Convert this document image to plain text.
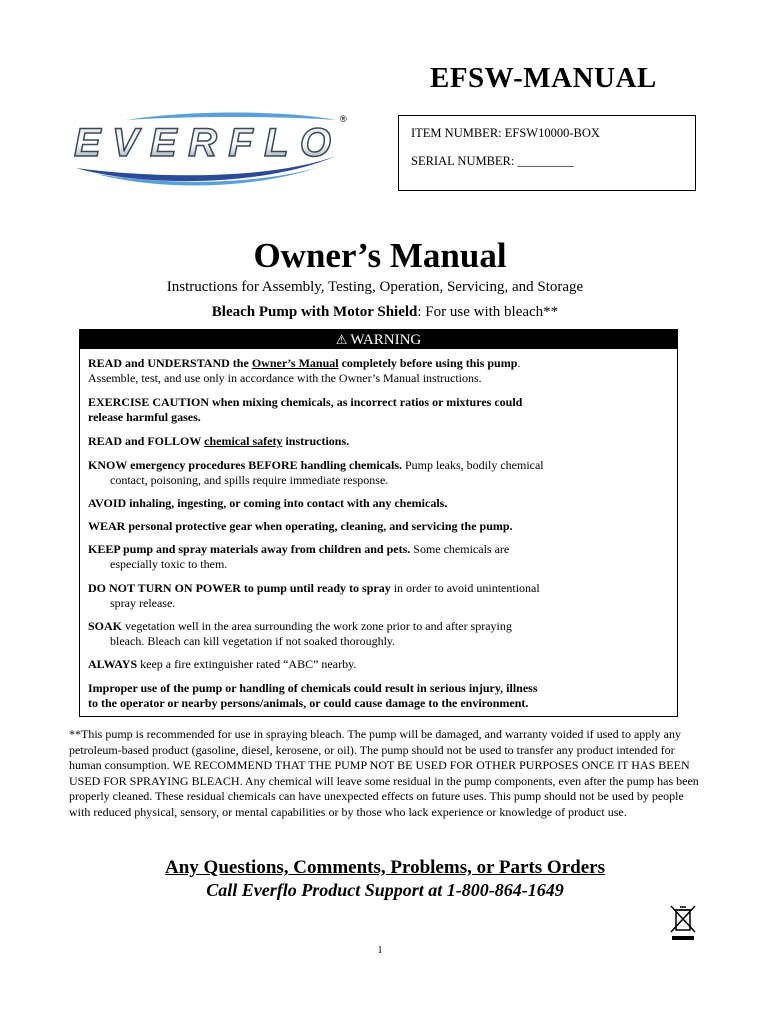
EFSW-MANUAL
EVERFLO
®
ITEM NUMBER: EFSW10000-BOX
SERIAL NUMBER: _________
Owner’s Manual
Instructions for Assembly, Testing, Operation, Servicing, and Storage
Bleach Pump with Motor Shield: For use with bleach**
⚠ WARNING
READ and UNDERSTAND the Owner’s Manual completely before using this pump.
Assemble, test, and use only in accordance with the Owner’s Manual instructions.
EXERCISE CAUTION when mixing chemicals, as incorrect ratios or mixtures could
release harmful gases.
READ and FOLLOW chemical safety instructions.
KNOW emergency procedures BEFORE handling chemicals. Pump leaks, bodily chemical
contact, poisoning, and spills require immediate response.
AVOID inhaling, ingesting, or coming into contact with any chemicals.
WEAR personal protective gear when operating, cleaning, and servicing the pump.
KEEP pump and spray materials away from children and pets. Some chemicals are
especially toxic to them.
DO NOT TURN ON POWER to pump until ready to spray in order to avoid unintentional
spray release.
SOAK vegetation well in the area surrounding the work zone prior to and after spraying
bleach. Bleach can kill vegetation if not soaked thoroughly.
ALWAYS keep a fire extinguisher rated “ABC” nearby.
Improper use of the pump or handling of chemicals could result in serious injury, illness
to the operator or nearby persons/animals, or could cause damage to the environment.
**This pump is recommended for use in spraying bleach. The pump will be damaged, and warranty voided if used to apply any petroleum-based product (gasoline, diesel, kerosene, or oil). The pump should not be used to transfer any product intended for human consumption. WE RECOMMEND THAT THE PUMP NOT BE USED FOR OTHER PURPOSES ONCE IT HAS BEEN USED FOR SPRAYING BLEACH. Any chemical will leave some residual in the pump components, even after the pump has been properly cleaned. These residual chemicals can have unexpected effects on future uses. This pump should not be used by people with reduced physical, sensory, or mental capabilities or by those who lack experience or knowledge of product use.
Any Questions, Comments, Problems, or Parts Orders
Call Everflo Product Support at 1-800-864-1649
1
